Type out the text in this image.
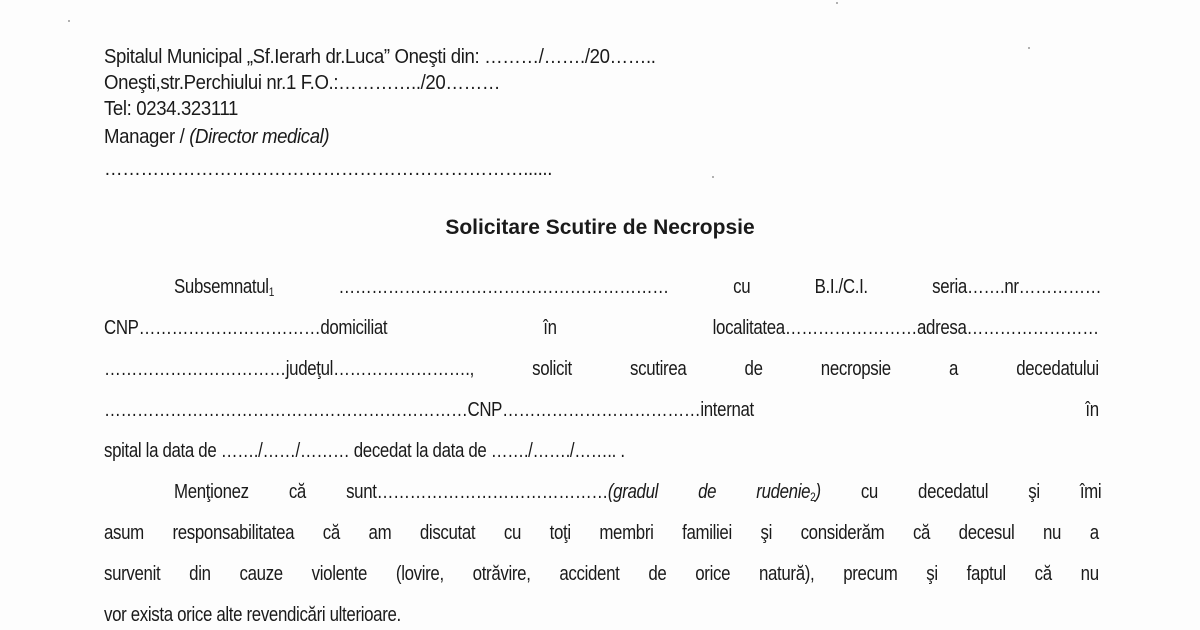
Spitalul Municipal „Sf.Ierarh dr.Luca” Oneşti din: ………/……./20……..
Oneşti,str.Perchiului nr.1 F.O.:…………../20………
Tel: 0234.323111
Manager / (Director medical)
……………………………………………………………......
Solicitare Scutire de Necropsie
Subsemnatul$_1$ …………………………………………………… cu B.I./C.I. seria…….nr……………
CNP……………………………domiciliat în localitatea……………………adresa……………………
……………………………judeţul……………………., solicit scutirea de necropsie a decedatului
…………………………………………………………CNP………………………………internat în
spital la data de ……./……/……… decedat la data de ……./……./…….. .
Menţionez că sunt……………………………………(gradul de rudenie$_2$) cu decedatul şi îmi
asum responsabilitatea că am discutat cu toţi membri familiei şi considerăm că decesul nu a
survenit din cauze violente (lovire, otrăvire, accident de orice natură), precum şi faptul că nu
vor exista orice alte revendicări ulterioare.
